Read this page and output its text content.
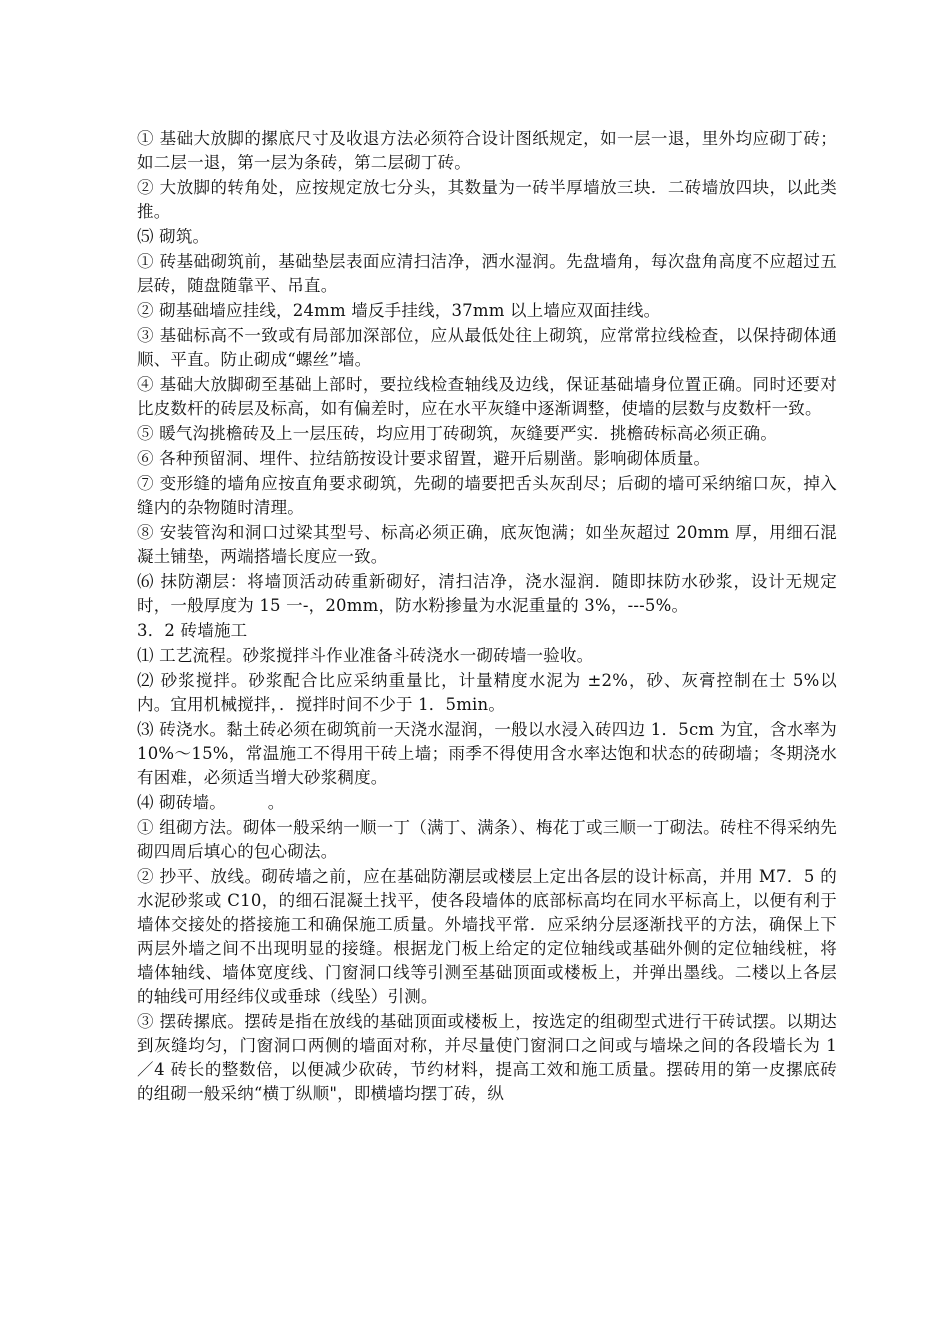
① 基础大放脚的摞底尺寸及收退方法必须符合设计图纸规定，如一层一退，里外均应砌丁砖；如二层一退，第一层为条砖，第二层砌丁砖。

② 大放脚的转角处，应按规定放七分头，其数量为一砖半厚墙放三块．二砖墙放四块，以此类推。

⑸ 砌筑。

① 砖基础砌筑前，基础垫层表面应清扫洁净，洒水湿润。先盘墙角，每次盘角高度不应超过五层砖，随盘随靠平、吊直。

② 砌基础墙应挂线，24mm 墙反手挂线，37mm 以上墙应双面挂线。

③ 基础标高不一致或有局部加深部位，应从最低处往上砌筑，应常常拉线检查，以保持砌体通顺、平直。防止砌成“螺丝”墙。

④ 基础大放脚砌至基础上部时，要拉线检查轴线及边线，保证基础墙身位置正确。同时还要对比皮数杆的砖层及标高，如有偏差时，应在水平灰缝中逐渐调整，使墙的层数与皮数杆一致。

⑤ 暖气沟挑檐砖及上一层压砖，均应用丁砖砌筑，灰缝要严实．挑檐砖标高必须正确。

⑥ 各种预留洞、埋件、拉结筋按设计要求留置，避开后剔凿。影响砌体质量。

⑦ 变形缝的墙角应按直角要求砌筑，先砌的墙要把舌头灰刮尽；后砌的墙可采纳缩口灰，掉入缝内的杂物随时清理。

⑧ 安装管沟和洞口过梁其型号、标高必须正确，底灰饱满；如坐灰超过 20mm 厚，用细石混凝土铺垫，两端搭墙长度应一致。

⑹ 抹防潮层：将墙顶活动砖重新砌好，清扫洁净，浇水湿润．随即抹防水砂浆，设计无规定时，一般厚度为 15 一-，20mm，防水粉掺量为水泥重量的 3%，---5%。

3．2 砖墙施工

⑴ 工艺流程。砂浆搅拌斗作业准备斗砖浇水一砌砖墙一验收。

⑵ 砂浆搅拌。砂浆配合比应采纳重量比，计量精度水泥为 ±2%，砂、灰膏控制在士 5%以内。宜用机械搅拌，．搅拌时间不少于 1．5min。

⑶ 砖浇水。黏土砖必须在砌筑前一天浇水湿润，一般以水浸入砖四边 1．5cm 为宜，含水率为 10%～15%，常温施工不得用干砖上墙；雨季不得使用含水率达饱和状态的砖砌墙；冬期浇水有困难，必须适当增大砂浆稠度。

⑷ 砌砖墙。　　　。

① 组砌方法。砌体一般采纳一顺一丁（满丁、满条）、梅花丁或三顺一丁砌法。砖柱不得采纳先砌四周后填心的包心砌法。

② 抄平、放线。砌砖墙之前，应在基础防潮层或楼层上定出各层的设计标高，并用 M7．5 的水泥砂浆或 C10，的细石混凝土找平，使各段墙体的底部标高均在同水平标高上，以便有利于墙体交接处的搭接施工和确保施工质量。外墙找平常．应采纳分层逐渐找平的方法，确保上下两层外墙之间不出现明显的接缝。根据龙门板上给定的定位轴线或基础外侧的定位轴线桩，将墙体轴线、墙体宽度线、门窗洞口线等引测至基础顶面或楼板上，并弹出墨线。二楼以上各层的轴线可用经纬仪或垂球（线坠）引测。

③ 摆砖摞底。摆砖是指在放线的基础顶面或楼板上，按选定的组砌型式进行干砖试摆。以期达到灰缝均匀，门窗洞口两侧的墙面对称，并尽量使门窗洞口之间或与墙垛之间的各段墙长为 1／4 砖长的整数倍，以便减少砍砖，节约材料，提高工效和施工质量。摆砖用的第一皮摞底砖的组砌一般采纳“横丁纵顺"，即横墙均摆丁砖，纵
